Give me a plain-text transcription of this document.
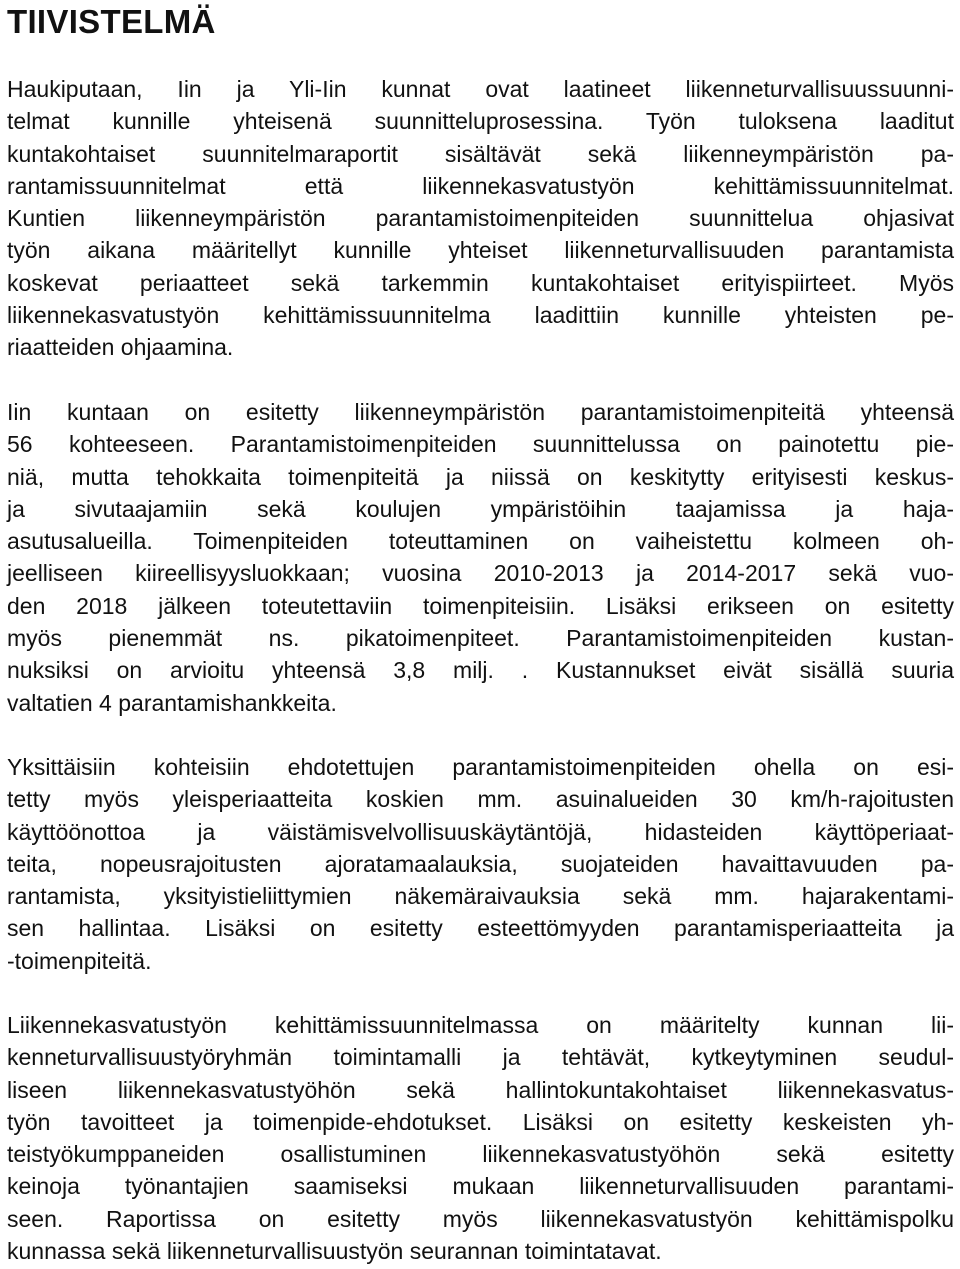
TIIVISTELMÄ

Haukiputaan, Iin ja Yli-Iin kunnat ovat laatineet liikenneturvallisuussuunni-
telmat kunnille yhteisenä suunnitteluprosessina. Työn tuloksena laaditut
kuntakohtaiset suunnitelmaraportit sisältävät sekä liikenneympäristön pa-
rantamissuunnitelmat että liikennekasvatustyön kehittämissuunnitelmat.
Kuntien liikenneympäristön parantamistoimenpiteiden suunnittelua ohjasivat
työn aikana määritellyt kunnille yhteiset liikenneturvallisuuden parantamista
koskevat periaatteet sekä tarkemmin kuntakohtaiset erityispiirteet. Myös
liikennekasvatustyön kehittämissuunnitelma laadittiin kunnille yhteisten pe-
riaatteiden ohjaamina.

Iin kuntaan on esitetty liikenneympäristön parantamistoimenpiteitä yhteensä
56 kohteeseen. Parantamistoimenpiteiden suunnittelussa on painotettu pie-
niä, mutta tehokkaita toimenpiteitä ja niissä on keskitytty erityisesti keskus-
ja sivutaajamiin sekä koulujen ympäristöihin taajamissa ja haja-
asutusalueilla. Toimenpiteiden toteuttaminen on vaiheistettu kolmeen oh-
jeelliseen kiireellisyysluokkaan; vuosina 2010-2013 ja 2014-2017 sekä vuo-
den 2018 jälkeen toteutettaviin toimenpiteisiin. Lisäksi erikseen on esitetty
myös pienemmät ns. pikatoimenpiteet. Parantamistoimenpiteiden kustan-
nuksiksi on arvioitu yhteensä 3,8 milj. . Kustannukset eivät sisällä suuria
valtatien 4 parantamishankkeita.

Yksittäisiin kohteisiin ehdotettujen parantamistoimenpiteiden ohella on esi-
tetty myös yleisperiaatteita koskien mm. asuinalueiden 30 km/h-rajoitusten
käyttöönottoa ja väistämisvelvollisuuskäytäntöjä, hidasteiden käyttöperiaat-
teita, nopeusrajoitusten ajoratamaalauksia, suojateiden havaittavuuden pa-
rantamista, yksityistieliittymien näkemäraivauksia sekä mm. hajarakentami-
sen hallintaa. Lisäksi on esitetty esteettömyyden parantamisperiaatteita ja
-toimenpiteitä.

Liikennekasvatustyön kehittämissuunnitelmassa on määritelty kunnan lii-
kenneturvallisuustyöryhmän toimintamalli ja tehtävät, kytkeytyminen seudul-
liseen liikennekasvatustyöhön sekä hallintokuntakohtaiset liikennekasvatus-
työn tavoitteet ja toimenpide-ehdotukset. Lisäksi on esitetty keskeisten yh-
teistyökumppaneiden osallistuminen liikennekasvatustyöhön sekä esitetty
keinoja työnantajien saamiseksi mukaan liikenneturvallisuuden parantami-
seen. Raportissa on esitetty myös liikennekasvatustyön kehittämispolku
kunnassa sekä liikenneturvallisuustyön seurannan toimintatavat.
